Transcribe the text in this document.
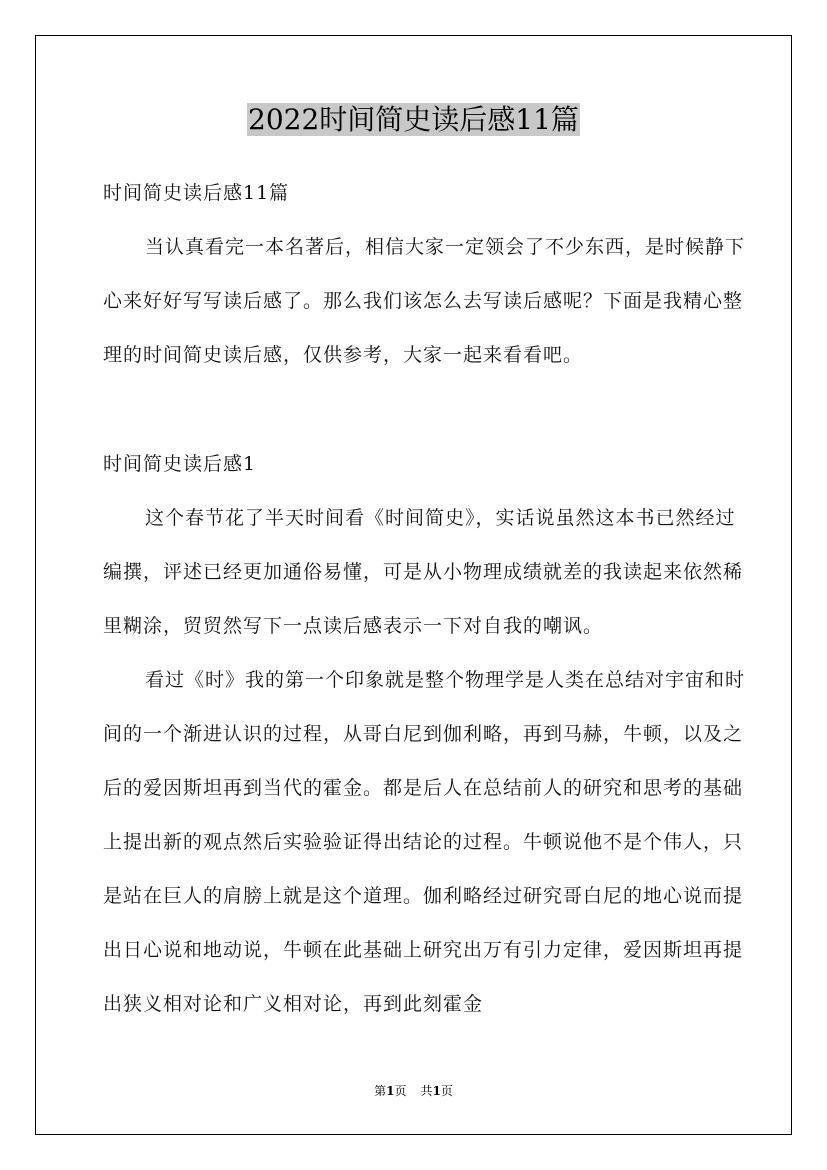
2022时间简史读后感11篇

时间简史读后感11篇

当认真看完一本名著后，相信大家一定领会了不少东西，是时候静下心来好好写写读后感了。那么我们该怎么去写读后感呢？下面是我精心整理的时间简史读后感，仅供参考，大家一起来看看吧。

时间简史读后感1

这个春节花了半天时间看《时间简史》，实话说虽然这本书已然经过编撰，评述已经更加通俗易懂，可是从小物理成绩就差的我读起来依然稀里糊涂，贸贸然写下一点读后感表示一下对自我的嘲讽。

看过《时》我的第一个印象就是整个物理学是人类在总结对宇宙和时间的一个渐进认识的过程，从哥白尼到伽利略，再到马赫，牛顿，以及之后的爱因斯坦再到当代的霍金。都是后人在总结前人的研究和思考的基础上提出新的观点然后实验验证得出结论的过程。牛顿说他不是个伟人，只是站在巨人的肩膀上就是这个道理。伽利略经过研究哥白尼的地心说而提出日心说和地动说，牛顿在此基础上研究出万有引力定律，爱因斯坦再提出狭义相对论和广义相对论，再到此刻霍金

第1页 共1页
